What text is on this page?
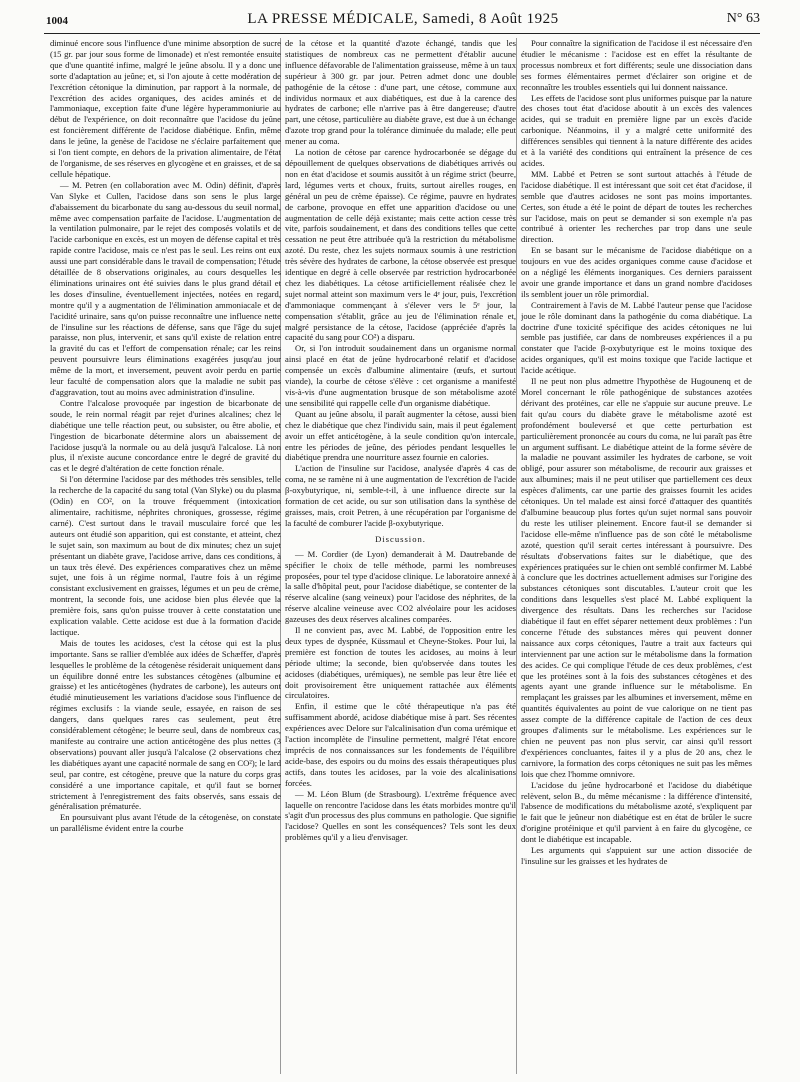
1004	LA PRESSE MÉDICALE, Samedi, 8 Août 1925	N° 63

diminué encore sous l'influence d'une minime absorption de sucre (15 gr. par jour sous forme de limonade) et n'est remontée ensuite que d'une quantité infime, malgré le jeûne absolu. Il y a donc une sorte d'adaptation au jeûne; et, si l'on ajoute à cette modération de l'excrétion cétonique la diminution, par rapport à la normale, de l'excrétion des acides organiques, des acides aminés et de l'ammoniaque, exception faite d'une légère hyperammoniurie au début de l'expérience, on doit reconnaître que l'acidose du jeûne est foncièrement différente de l'acidose diabétique. Enfin, même dans le jeûne, la genèse de l'acidose ne s'éclaire parfaitement que si l'on tient compte, en dehors de la privation alimentaire, de l'état de l'organisme, de ses réserves en glycogène et en graisses, et de sa cellule hépatique.

— M. Petren (en collaboration avec M. Odin) définit, d'après Van Slyke et Cullen, l'acidose dans son sens le plus large d'abaissement du bicarbonate du sang au-dessous du seuil normal, même avec compensation parfaite de l'acidose. L'augmentation de la ventilation pulmonaire, par le rejet des composés volatils et de l'acide carbonique en excès, est un moyen de défense capital et très rapide contre l'acidose, mais ce n'est pas le seul. Les reins ont eux aussi une part considérable dans le travail de compensation; l'étude détaillée de 8 observations originales, au cours desquelles les éliminations urinaires ont été suivies dans le plus grand détail et les doses d'insuline, éventuellement injectées, notées en regard, montre qu'il y a augmentation de l'élimination ammoniacale et de l'acidité urinaire, sans qu'on puisse reconnaître une influence nette de l'insuline sur les réactions de défense, sans que l'âge du sujet paraisse, non plus, intervenir, et sans qu'il existe de relation entre la gravité du cas et l'effort de compensation rénale; car les reins peuvent poursuivre leurs éliminations exagérées jusqu'au jour même de la mort, et inversement, peuvent avoir perdu en partie leur faculté de compensation alors que la maladie ne subit pas d'aggravation, tout au moins avec administration d'insuline.

Contre l'alcalose provoquée par ingestion de bicarbonate de soude, le rein normal réagit par rejet d'urines alcalines; chez le diabétique une telle réaction peut, ou subsister, ou être abolie, et l'ingestion de bicarbonate détermine alors un abaissement de l'acidose jusqu'à la normale ou au delà jusqu'à l'alcalose. Là non plus, il n'existe aucune concordance entre le degré de gravité du cas et le degré d'altération de cette fonction rénale.

Si l'on détermine l'acidose par des méthodes très sensibles, telle la recherche de la capacité du sang total (Van Slyke) ou du plasma (Odin) en CO², on la trouve fréquemment (intoxication alimentaire, rachitisme, néphrites chroniques, grossesse, régime carné). C'est surtout dans le travail musculaire forcé que les auteurs ont étudié son apparition, qui est constante, et atteint, chez le sujet sain, son maximum au bout de dix minutes; chez un sujet présentant un diabète grave, l'acidose arrive, dans ces conditions, à un taux très élevé. Des expériences comparatives chez un même sujet, une fois à un régime normal, l'autre fois à un régime consistant exclusivement en graisses, légumes et un peu de crème, montrent, la seconde fois, une acidose bien plus élevée que la première fois, sans qu'on puisse trouver à cette constatation une explication valable. Cette acidose est due à la formation d'acide lactique.

Mais de toutes les acidoses, c'est la cétose qui est la plus importante. Sans se rallier d'emblée aux idées de Schæffer, d'après lesquelles le problème de la cétogenèse résiderait uniquement dans un équilibre donné entre les substances cétogènes (albumine et graisse) et les anticétogènes (hydrates de carbone), les auteurs ont étudié minutieusement les variations d'acidose sous l'influence de régimes exclusifs : la viande seule, essayée, en raison de ses dangers, dans quelques rares cas seulement, peut être considérablement cétogène; le beurre seul, dans de nombreux cas, manifeste au contraire une action anticétogène des plus nettes (3 observations) pouvant aller jusqu'à l'alcalose (2 observations chez les diabétiques ayant une capacité normale de sang en CO²); le lard seul, par contre, est cétogène, preuve que la nature du corps gras considéré a une importance capitale, et qu'il faut se borner strictement à l'enregistrement des faits observés, sans essais de généralisation prématurée.

En poursuivant plus avant l'étude de la cétogenèse, on constate un parallélisme évident entre la courbe

de la cétose et la quantité d'azote échangé, tandis que les statistiques de nombreux cas ne permettent d'établir aucune influence défavorable de l'alimentation graisseuse, même à un taux supérieur à 300 gr. par jour. Petren admet donc une double pathogénie de la cétose : d'une part, une cétose, commune aux individus normaux et aux diabétiques, est due à la carence des hydrates de carbone; elle n'arrive pas à être dangereuse; d'autre part, une cétose, particulière au diabète grave, est due à un échange d'azote trop grand pour la tolérance diminuée du malade; elle peut mener au coma.

La notion de cétose par carence hydrocarbonée se dégage du dépouillement de quelques observations de diabétiques arrivés ou non en état d'acidose et soumis aussitôt à un régime strict (beurre, lard, légumes verts et choux, fruits, surtout airelles rouges, en général un peu de crème épaisse). Ce régime, pauvre en hydrates de carbone, provoque en effet une apparition d'acidose ou une augmentation de celle déjà existante; mais cette action cesse très vite, parfois soudainement, et dans des conditions telles que cette cessation ne peut être attribuée qu'à la restriction du métabolisme azoté. Du reste, chez les sujets normaux soumis à une restriction très sévère des hydrates de carbone, la cétose observée est presque identique en degré à celle observée par restriction hydrocarbonée chez les diabétiques. La cétose artificiellement réalisée chez le sujet normal atteint son maximum vers le 4ᵉ jour, puis, l'excrétion d'ammoniaque commençant à s'élever vers le 5ᵉ jour, la compensation s'établit, grâce au jeu de l'élimination rénale et, malgré persistance de la cétose, l'acidose (appréciée d'après la capacité du sang pour CO²) a disparu.

Or, si l'on introduit soudainement dans un organisme normal ainsi placé en état de jeûne hydrocarboné relatif et d'acidose compensée un excès d'albumine alimentaire (œufs, et surtout viande), la courbe de cétose s'élève : cet organisme a manifesté vis-à-vis d'une augmentation brusque de son métabolisme azoté une sensibilité qui rappelle celle d'un organisme diabétique.

Quant au jeûne absolu, il paraît augmenter la cétose, aussi bien chez le diabétique que chez l'individu sain, mais il peut également avoir un effet anticétogène, à la seule condition qu'on intercale, entre les périodes de jeûne, des périodes pendant lesquelles le diabétique prendra une nourriture assez fournie en calories.

L'action de l'insuline sur l'acidose, analysée d'après 4 cas de coma, ne se ramène ni à une augmentation de l'excrétion de l'acide β-oxybutyrique, ni, semble-t-il, à une influence directe sur la formation de cet acide, ou sur son utilisation dans la synthèse de graisses, mais, croit Petren, à une récupération par l'organisme de la faculté de comburer l'acide β-oxybutyrique.

Discussion.

— M. Cordier (de Lyon) demanderait à M. Dautrebande de spécifier le choix de telle méthode, parmi les nombreuses proposées, pour tel type d'acidose clinique. Le laboratoire annexé à la salle d'hôpital peut, pour l'acidose diabétique, se contenter de la réserve alcaline (sang veineux) pour l'acidose des néphrites, de la réserve alcaline veineuse avec CO2 alvéolaire pour les acidoses gazeuses des deux réserves alcalines comparées.

Il ne convient pas, avec M. Labbé, de l'opposition entre les deux types de dyspnée, Küssmaul et Cheyne-Stokes. Pour lui, la première est fonction de toutes les acidoses, au moins à leur période ultime; la seconde, bien qu'observée dans toutes les acidoses (diabétiques, urémiques), ne semble pas leur être liée et doit provisoirement être uniquement rattachée aux éléments circulatoires.

Enfin, il estime que le côté thérapeutique n'a pas été suffisamment abordé, acidose diabétique mise à part. Ses récentes expériences avec Delore sur l'alcalinisation d'un coma urémique et l'action incomplète de l'insuline permettent, malgré l'état encore imprécis de nos connaissances sur les fondements de l'équilibre acide-base, des espoirs ou du moins des essais thérapeutiques plus actifs, dans toutes les acidoses, par la voie des alcalinisations forcées.

— M. Léon Blum (de Strasbourg). L'extrême fréquence avec laquelle on rencontre l'acidose dans les états morbides montre qu'il s'agit d'un processus des plus communs en pathologie. Que signifie l'acidose? Quelles en sont les conséquences? Tels sont les deux problèmes qu'il y a lieu d'envisager.

Pour connaître la signification de l'acidose il est nécessaire d'en étudier le mécanisme : l'acidose est en effet la résultante de processus nombreux et fort différents; seule une dissociation dans ses formes élémentaires permet d'éclairer son origine et de reconnaître les troubles essentiels qui lui donnent naissance.

Les effets de l'acidose sont plus uniformes puisque par la nature des choses tout état d'acidose aboutit à un excès des valences acides, qui se traduit en première ligne par un excès d'acide carbonique. Néanmoins, il y a malgré cette uniformité des différences sensibles qui tiennent à la nature différente des acides et à la variété des conditions qui entraînent la présence de ces acides.

MM. Labbé et Petren se sont surtout attachés à l'étude de l'acidose diabétique. Il est intéressant que soit cet état d'acidose, il semble que d'autres acidoses ne sont pas moins importantes. Certes, son étude a été le point de départ de toutes les recherches sur l'acidose, mais on peut se demander si son exemple n'a pas contribué à orienter les recherches par trop dans une seule direction.

En se basant sur le mécanisme de l'acidose diabétique on a toujours en vue des acides organiques comme cause d'acidose et on a négligé les éléments inorganiques. Ces derniers paraissent avoir une grande importance et dans un grand nombre d'acidoses ils semblent jouer un rôle primordial.

Contrairement à l'avis de M. Labbé l'auteur pense que l'acidose joue le rôle dominant dans la pathogénie du coma diabétique. La doctrine d'une toxicité spécifique des acides cétoniques ne lui semble pas justifiée, car dans de nombreuses expériences il a pu constater que l'acide β-oxybutyrique est le moins toxique des acides organiques, qu'il est moins toxique que l'acide lactique et l'acide acétique.

Il ne peut non plus admettre l'hypothèse de Hugounenq et de Morel concernant le rôle pathogénique de substances azotées dérivant des protéines, car elle ne s'appuie sur aucune preuve. Le fait qu'au cours du diabète grave le métabolisme azoté est profondément bouleversé et que cette perturbation est particulièrement prononcée au cours du coma, ne lui paraît pas être un argument suffisant. Le diabétique atteint de la forme sévère de la maladie ne pouvant assimiler les hydrates de carbone, se voit obligé, pour assurer son métabolisme, de recourir aux graisses et aux albumines; mais il ne peut utiliser que partiellement ces deux espèces d'aliments, car une partie des graisses fournit les acides cétoniques. Un tel malade est ainsi forcé d'attaquer des quantités d'albumine beaucoup plus fortes qu'un sujet normal sans pouvoir du reste les utiliser pleinement. Encore faut-il se demander si l'acidose elle-même n'influence pas de son côté le métabolisme azoté, question qu'il serait certes intéressant à poursuivre. Des résultats d'observations faites sur le diabétique, que des expériences pratiquées sur le chien ont semblé confirmer M. Labbé à conclure que les doctrines actuellement admises sur l'origine des substances cétoniques sont discutables. L'auteur croit que les conditions dans lesquelles s'est placé M. Labbé expliquent la divergence des résultats. Dans les recherches sur l'acidose diabétique il faut en effet séparer nettement deux problèmes : l'un concerne l'étude des substances mères qui peuvent donner naissance aux corps cétoniques, l'autre a trait aux facteurs qui interviennent par une action sur le métabolisme dans la formation des acides. Ce qui complique l'étude de ces deux problèmes, c'est que les protéines sont à la fois des substances cétogènes et des agents ayant une grande influence sur le métabolisme. En remplaçant les graisses par les albumines et inversement, même en quantités équivalentes au point de vue calorique on ne tient pas assez compte de la différence capitale de l'action de ces deux groupes d'aliments sur le métabolisme. Les expériences sur le chien ne peuvent pas non plus servir, car ainsi qu'il ressort d'expériences concluantes, faites il y a plus de 20 ans, chez le carnivore, la formation des corps cétoniques ne suit pas les mêmes lois que chez l'homme omnivore.

L'acidose du jeûne hydrocarboné et l'acidose du diabétique relèvent, selon B., du même mécanisme : la différence d'intensité, l'absence de modifications du métabolisme azoté, s'expliquent par le fait que le jeûneur non diabétique est en état de brûler le sucre d'origine protéinique et qu'il parvient à en faire du glycogène, ce dont le diabétique est incapable.

Les arguments qui s'appuient sur une action dissociée de l'insuline sur les graisses et les hydrates de
